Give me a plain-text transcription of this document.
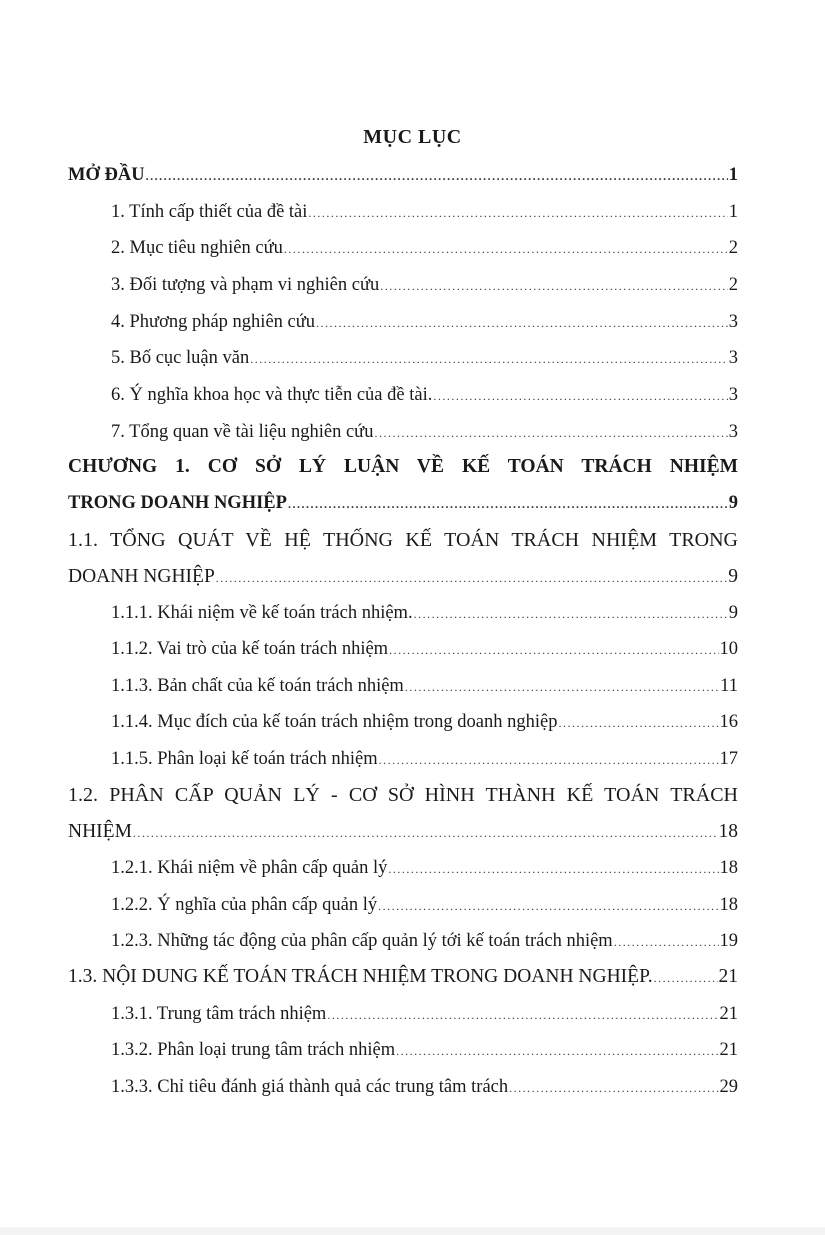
MỤC LỤC
MỞ ĐẦU .....	1
1. Tính cấp thiết của đề tài .....	1
2. Mục tiêu nghiên cứu .....	2
3. Đối tượng và phạm vi nghiên cứu .....	2
4. Phương pháp nghiên cứu .....	3
5. Bố cục luận văn .....	3
6. Ý nghĩa khoa học và thực tiễn của đề tài. .....	3
7. Tổng quan về tài liệu nghiên cứu .....	3
CHƯƠNG 1. CƠ SỞ LÝ LUẬN VỀ KẾ TOÁN TRÁCH NHIỆM
TRONG DOANH NGHIỆP .....	9
1.1. TỔNG QUÁT VỀ HỆ THỐNG KẾ TOÁN TRÁCH NHIỆM TRONG
DOANH NGHIỆP .....	9
1.1.1. Khái niệm về kế toán trách nhiệm. .....	9
1.1.2. Vai trò của kế toán trách nhiệm .....	10
1.1.3. Bản chất của kế toán trách nhiệm .....	11
1.1.4. Mục đích của kế toán trách nhiệm trong doanh nghiệp .....	16
1.1.5. Phân loại kế toán trách nhiệm .....	17
1.2. PHÂN CẤP QUẢN LÝ - CƠ SỞ HÌNH THÀNH KẾ TOÁN TRÁCH
NHIỆM .....	18
1.2.1. Khái niệm về phân cấp quản lý .....	18
1.2.2. Ý nghĩa của phân cấp quản lý .....	18
1.2.3. Những tác động của phân cấp quản lý tới kế toán trách nhiệm .....	19
1.3. NỘI DUNG KẾ TOÁN TRÁCH NHIỆM TRONG DOANH NGHIỆP. .....	21
1.3.1. Trung tâm trách nhiệm .....	21
1.3.2. Phân loại trung tâm trách nhiệm .....	21
1.3.3. Chỉ tiêu đánh giá thành quả các trung tâm trách .....	29
